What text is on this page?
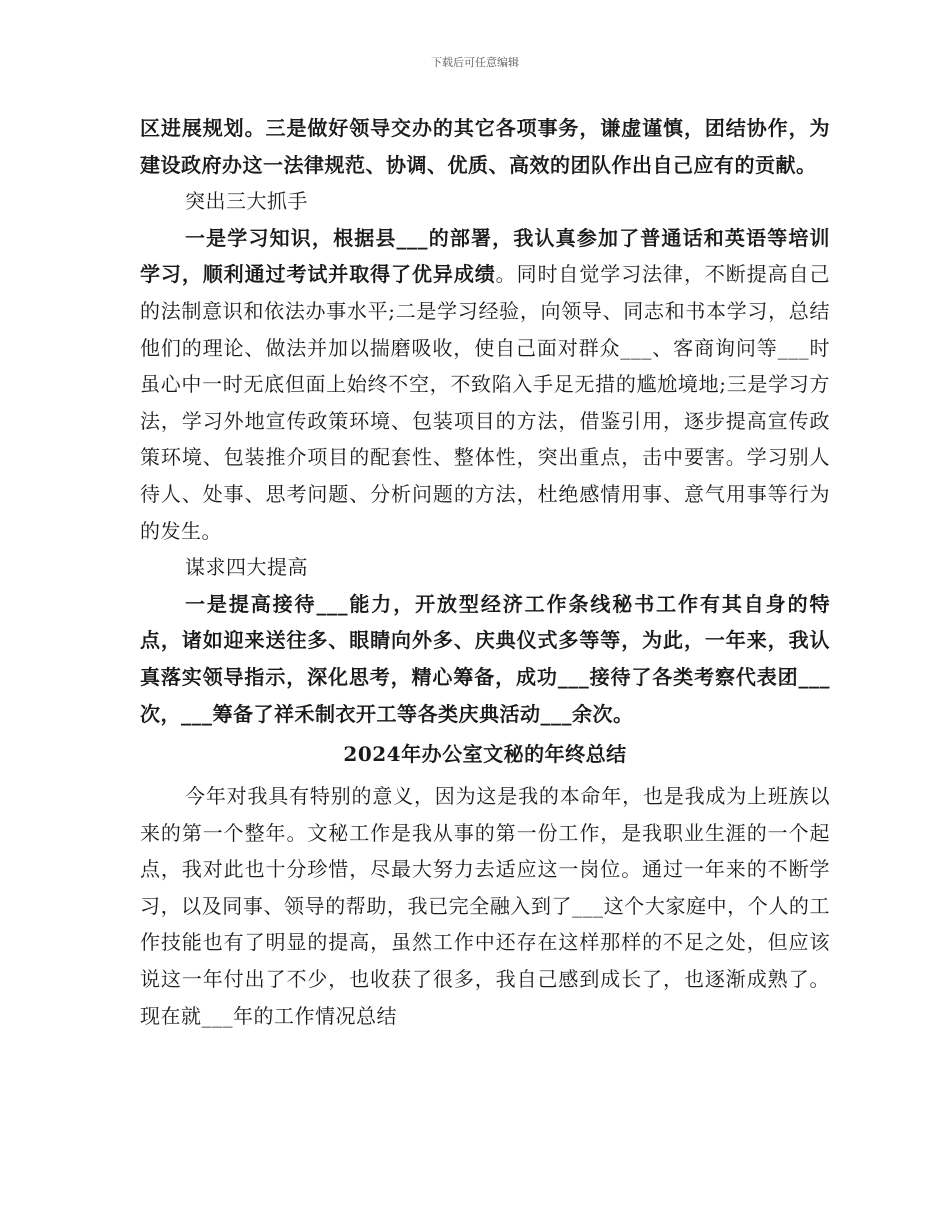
下载后可任意编辑

区进展规划。三是做好领导交办的其它各项事务，谦虚谨慎，团结协作，为建设政府办这一法律规范、协调、优质、高效的团队作出自己应有的贡献。

突出三大抓手

一是学习知识，根据县___的部署，我认真参加了普通话和英语等培训学习，顺利通过考试并取得了优异成绩。同时自觉学习法律，不断提高自己的法制意识和依法办事水平;二是学习经验，向领导、同志和书本学习，总结他们的理论、做法并加以揣磨吸收，使自己面对群众___、客商询问等___时虽心中一时无底但面上始终不空，不致陷入手足无措的尴尬境地;三是学习方法，学习外地宣传政策环境、包装项目的方法，借鉴引用，逐步提高宣传政策环境、包装推介项目的配套性、整体性，突出重点，击中要害。学习别人待人、处事、思考问题、分析问题的方法，杜绝感情用事、意气用事等行为的发生。

谋求四大提高

一是提高接待___能力，开放型经济工作条线秘书工作有其自身的特点，诸如迎来送往多、眼睛向外多、庆典仪式多等等，为此，一年来，我认真落实领导指示，深化思考，精心筹备，成功___接待了各类考察代表团___次，___筹备了祥禾制衣开工等各类庆典活动___余次。

2024年办公室文秘的年终总结

今年对我具有特别的意义，因为这是我的本命年，也是我成为上班族以来的第一个整年。文秘工作是我从事的第一份工作，是我职业生涯的一个起点，我对此也十分珍惜，尽最大努力去适应这一岗位。通过一年来的不断学习，以及同事、领导的帮助，我已完全融入到了___这个大家庭中，个人的工作技能也有了明显的提高，虽然工作中还存在这样那样的不足之处，但应该说这一年付出了不少，也收获了很多，我自己感到成长了，也逐渐成熟了。现在就___年的工作情况总结
